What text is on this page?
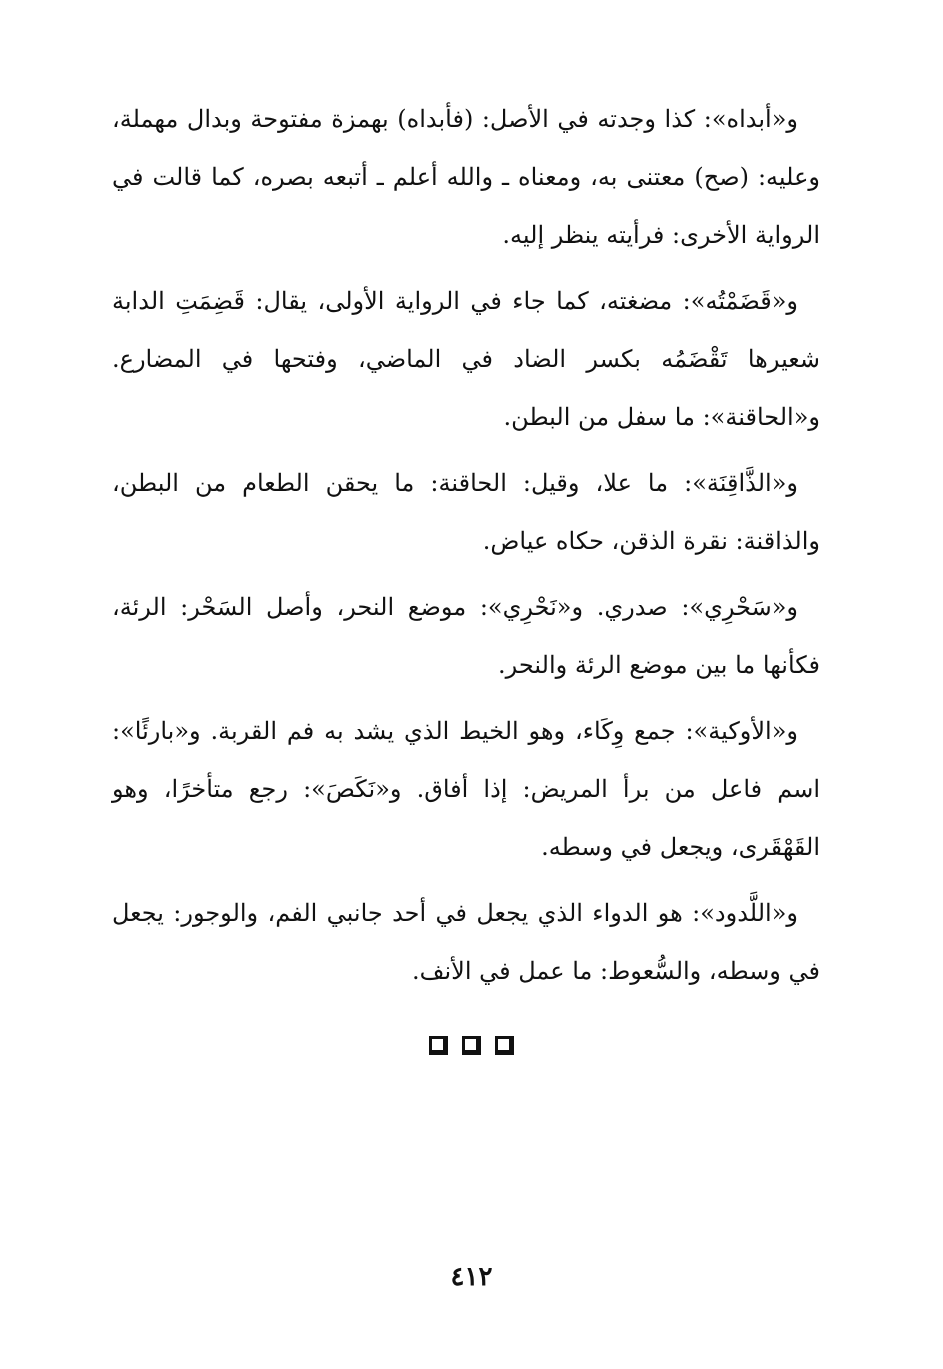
و«أبداه»: كذا وجدته في الأصل: (فأبداه) بهمزة مفتوحة وبدال مهملة، وعليه: (صح) معتنى به، ومعناه ـ والله أعلم ـ أتبعه بصره، كما قالت في الرواية الأخرى: فرأيته ينظر إليه.

و«قَضَمْتُه»: مضغته، كما جاء في الرواية الأولى، يقال: قَضِمَتِ الدابة شعيرها تَقْضَمُه بكسر الضاد في الماضي، وفتحها في المضارع. و«الحاقنة»: ما سفل من البطن.

و«الذَّاقِنَة»: ما علا، وقيل: الحاقنة: ما يحقن الطعام من البطن، والذاقنة: نقرة الذقن، حكاه عياض.

و«سَحْرِي»: صدري. و«نَحْرِي»: موضع النحر، وأصل السَحْر: الرئة، فكأنها ما بين موضع الرئة والنحر.

و«الأوكية»: جمع وِكَاء، وهو الخيط الذي يشد به فم القربة. و«بارئًا»: اسم فاعل من برأ المريض: إذا أفاق. و«نَكَصَ»: رجع متأخرًا، وهو القَهْقَرى، ويجعل في وسطه.

و«اللَّدود»: هو الدواء الذي يجعل في أحد جانبي الفم، والوجور: يجعل في وسطه، والسُّعوط: ما عمل في الأنف.

٤١٢
